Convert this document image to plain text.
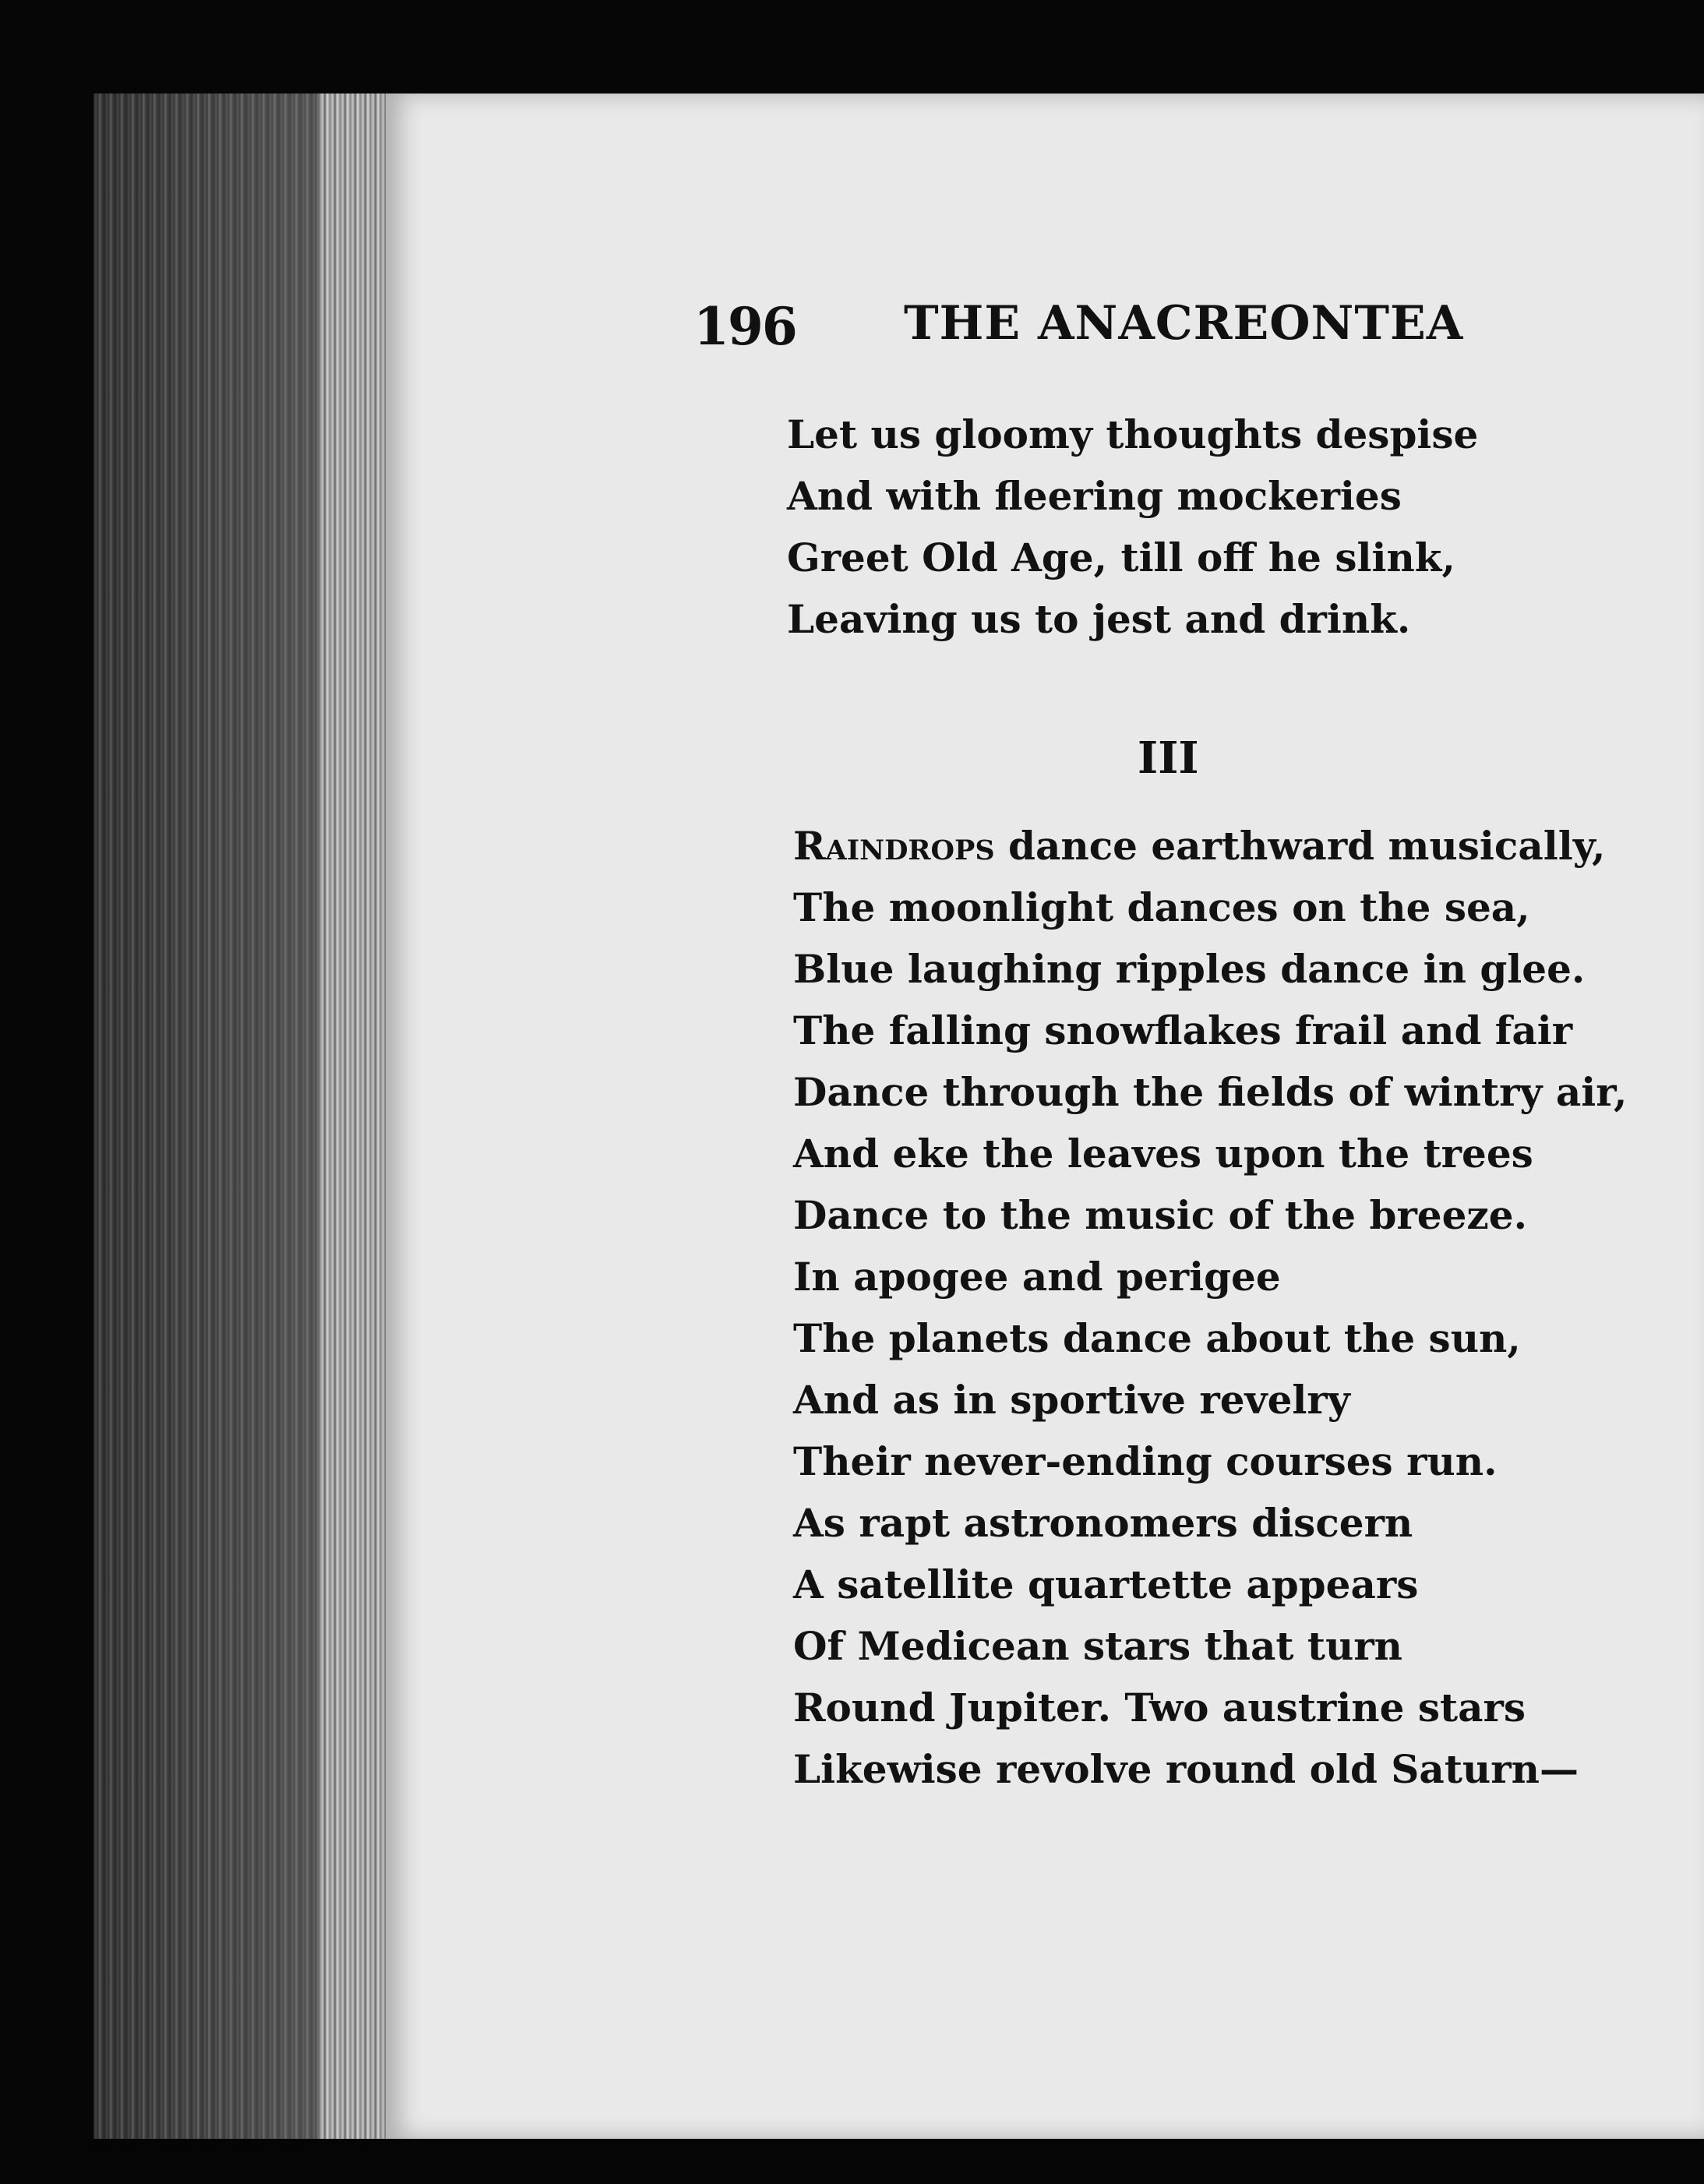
196 THE ANACREONTEA
Let us gloomy thoughts despise
And with fleering mockeries
Greet Old Age, till off he slink,
Leaving us to jest and drink.
III
Raindrops dance earthward musically,
The moonlight dances on the sea,
Blue laughing ripples dance in glee.
The falling snowflakes frail and fair
Dance through the fields of wintry air,
And eke the leaves upon the trees
Dance to the music of the breeze.
In apogee and perigee
The planets dance about the sun,
And as in sportive revelry
Their never-ending courses run.
As rapt astronomers discern
A satellite quartette appears
Of Medicean stars that turn
Round Jupiter. Two austrine stars
Likewise revolve round old Saturn—
